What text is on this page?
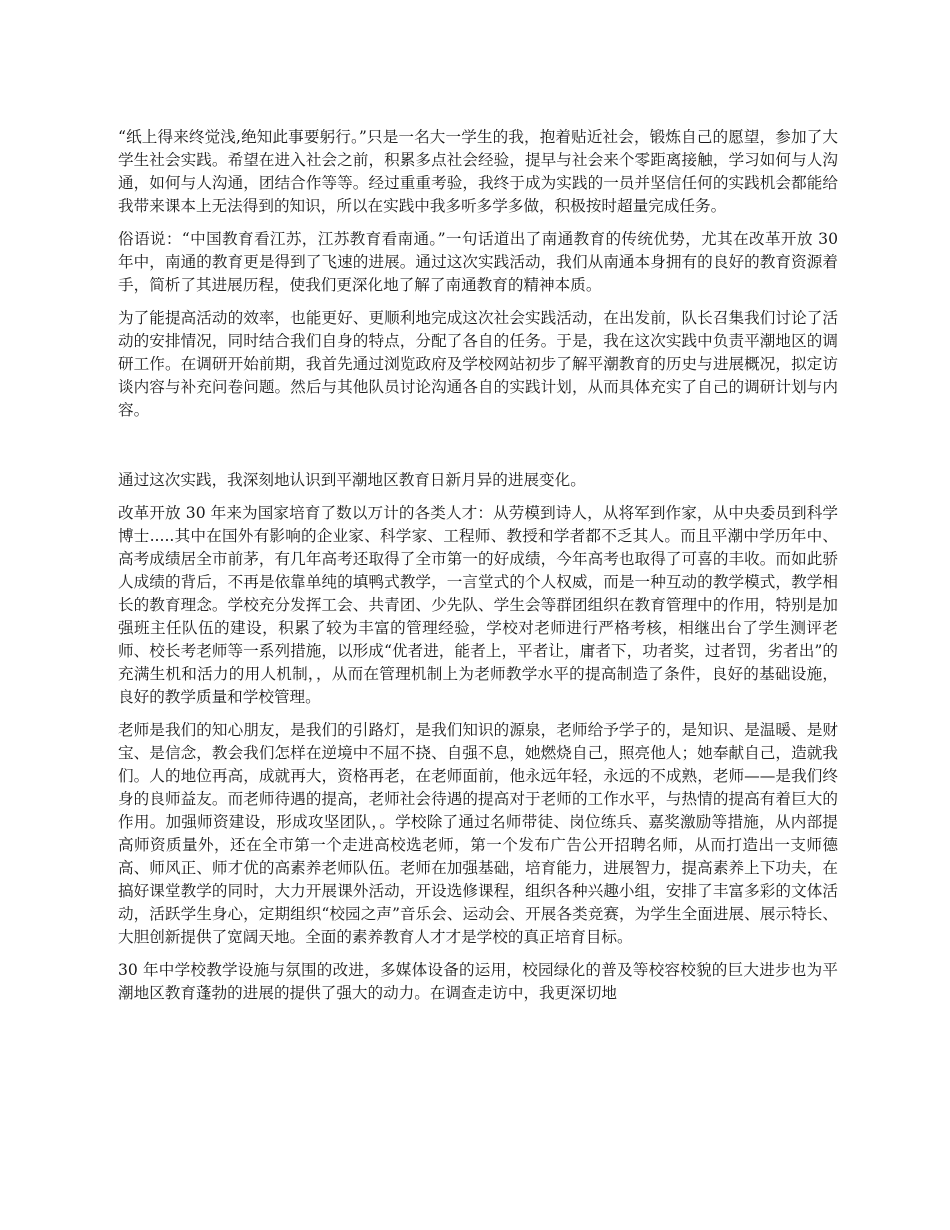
“纸上得来终觉浅,绝知此事要躬行。”只是一名大一学生的我，抱着贴近社会，锻炼自己的愿望，参加了大学生社会实践。希望在进入社会之前，积累多点社会经验，提早与社会来个零距离接触，学习如何与人沟通，如何与人沟通，团结合作等等。经过重重考验，我终于成为实践的一员并坚信任何的实践机会都能给我带来课本上无法得到的知识，所以在实践中我多听多学多做，积极按时超量完成任务。

俗语说：“中国教育看江苏，江苏教育看南通。”一句话道出了南通教育的传统优势，尤其在改革开放 30 年中，南通的教育更是得到了飞速的进展。通过这次实践活动，我们从南通本身拥有的良好的教育资源着手，简析了其进展历程，使我们更深化地了解了南通教育的精神本质。

为了能提高活动的效率，也能更好、更顺利地完成这次社会实践活动，在出发前，队长召集我们讨论了活动的安排情况，同时结合我们自身的特点，分配了各自的任务。于是，我在这次实践中负责平潮地区的调研工作。在调研开始前期，我首先通过浏览政府及学校网站初步了解平潮教育的历史与进展概况，拟定访谈内容与补充问卷问题。然后与其他队员讨论沟通各自的实践计划，从而具体充实了自己的调研计划与内容。

通过这次实践，我深刻地认识到平潮地区教育日新月异的进展变化。

改革开放 30 年来为国家培育了数以万计的各类人才：从劳模到诗人，从将军到作家，从中央委员到科学博士.....其中在国外有影响的企业家、科学家、工程师、教授和学者都不乏其人。而且平潮中学历年中、高考成绩居全市前茅，有几年高考还取得了全市第一的好成绩，今年高考也取得了可喜的丰收。而如此骄人成绩的背后，不再是依靠单纯的填鸭式教学，一言堂式的个人权威，而是一种互动的教学模式，教学相长的教育理念。学校充分发挥工会、共青团、少先队、学生会等群团组织在教育管理中的作用，特别是加强班主任队伍的建设，积累了较为丰富的管理经验，学校对老师进行严格考核，相继出台了学生测评老师、校长考老师等一系列措施，以形成“优者进，能者上，平者让，庸者下，功者奖，过者罚，劣者出”的充满生机和活力的用人机制，，从而在管理机制上为老师教学水平的提高制造了条件，良好的基础设施，良好的教学质量和学校管理。

老师是我们的知心朋友，是我们的引路灯，是我们知识的源泉，老师给予学子的，是知识、是温暖、是财宝、是信念，教会我们怎样在逆境中不屈不挠、自强不息，她燃烧自己，照亮他人；她奉献自己，造就我们。人的地位再高，成就再大，资格再老，在老师面前，他永远年轻，永远的不成熟，老师——是我们终身的良师益友。而老师待遇的提高，老师社会待遇的提高对于老师的工作水平，与热情的提高有着巨大的作用。加强师资建设，形成攻坚团队，。学校除了通过名师带徒、岗位练兵、嘉奖激励等措施，从内部提高师资质量外，还在全市第一个走进高校选老师，第一个发布广告公开招聘名师，从而打造出一支师德高、师风正、师才优的高素养老师队伍。老师在加强基础，培育能力，进展智力，提高素养上下功夫，在搞好课堂教学的同时，大力开展课外活动，开设选修课程，组织各种兴趣小组，安排了丰富多彩的文体活动，活跃学生身心，定期组织“校园之声”音乐会、运动会、开展各类竞赛，为学生全面进展、展示特长、大胆创新提供了宽阔天地。全面的素养教育人才才是学校的真正培育目标。

30 年中学校教学设施与氛围的改进，多媒体设备的运用，校园绿化的普及等校容校貌的巨大进步也为平潮地区教育蓬勃的进展的提供了强大的动力。在调查走访中，我更深切地
